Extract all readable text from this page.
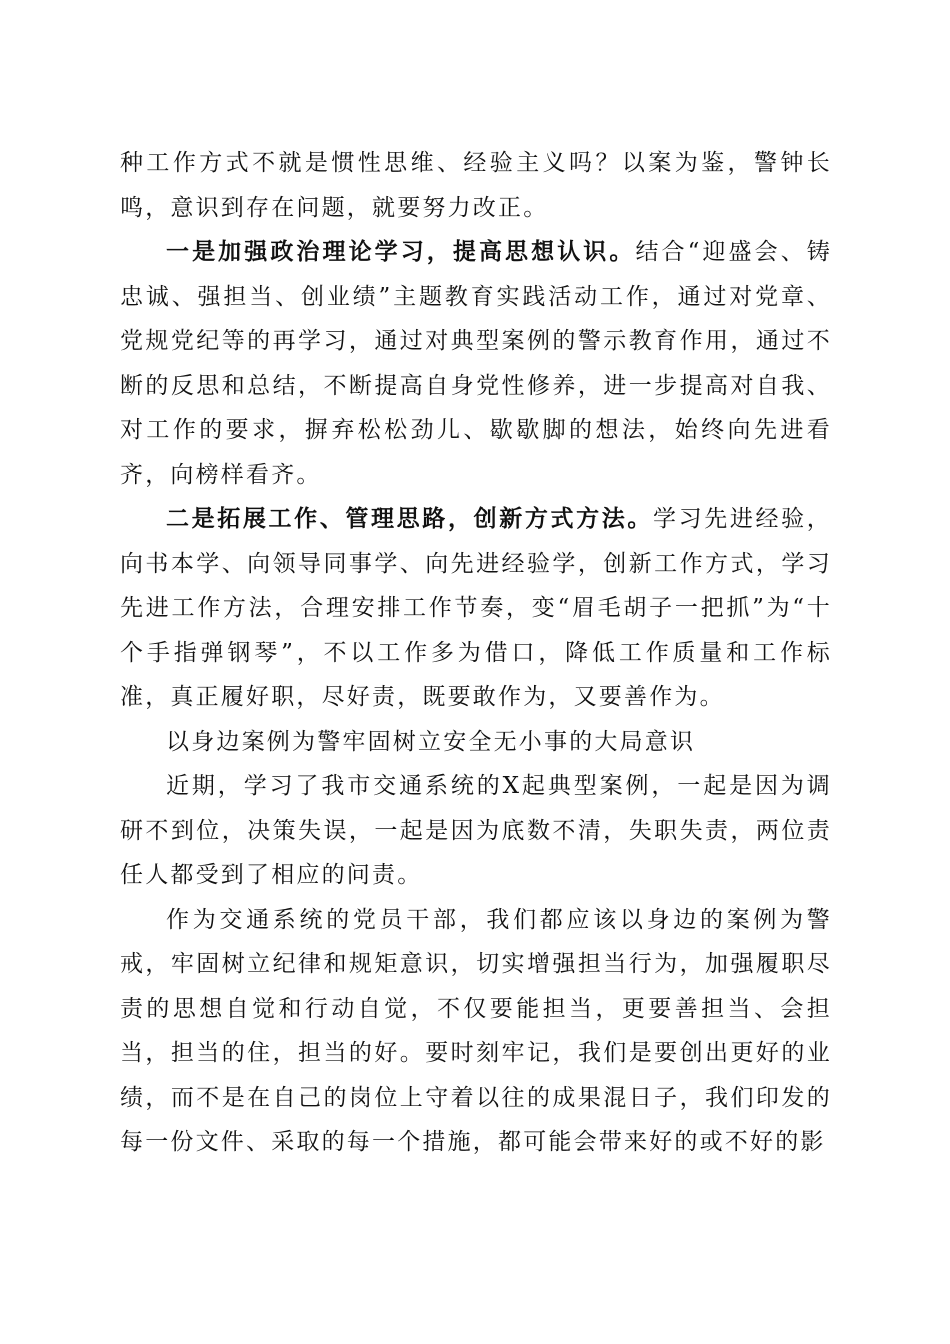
种工作方式不就是惯性思维、经验主义吗？以案为鉴，警钟长鸣，意识到存在问题，就要努力改正。

一是加强政治理论学习，提高思想认识。结合“迎盛会、铸忠诚、强担当、创业绩”主题教育实践活动工作，通过对党章、党规党纪等的再学习，通过对典型案例的警示教育作用，通过不断的反思和总结，不断提高自身党性修养，进一步提高对自我、对工作的要求，摒弃松松劲儿、歇歇脚的想法，始终向先进看齐，向榜样看齐。

二是拓展工作、管理思路，创新方式方法。学习先进经验，向书本学、向领导同事学、向先进经验学，创新工作方式，学习先进工作方法，合理安排工作节奏，变“眉毛胡子一把抓”为“十个手指弹钢琴”，不以工作多为借口，降低工作质量和工作标准，真正履好职，尽好责，既要敢作为，又要善作为。

以身边案例为警牢固树立安全无小事的大局意识

近期，学习了我市交通系统的X起典型案例，一起是因为调研不到位，决策失误，一起是因为底数不清，失职失责，两位责任人都受到了相应的问责。

作为交通系统的党员干部，我们都应该以身边的案例为警戒，牢固树立纪律和规矩意识，切实增强担当行为，加强履职尽责的思想自觉和行动自觉，不仅要能担当，更要善担当、会担当，担当的住，担当的好。要时刻牢记，我们是要创出更好的业绩，而不是在自己的岗位上守着以往的成果混日子，我们印发的每一份文件、采取的每一个措施，都可能会带来好的或不好的影
